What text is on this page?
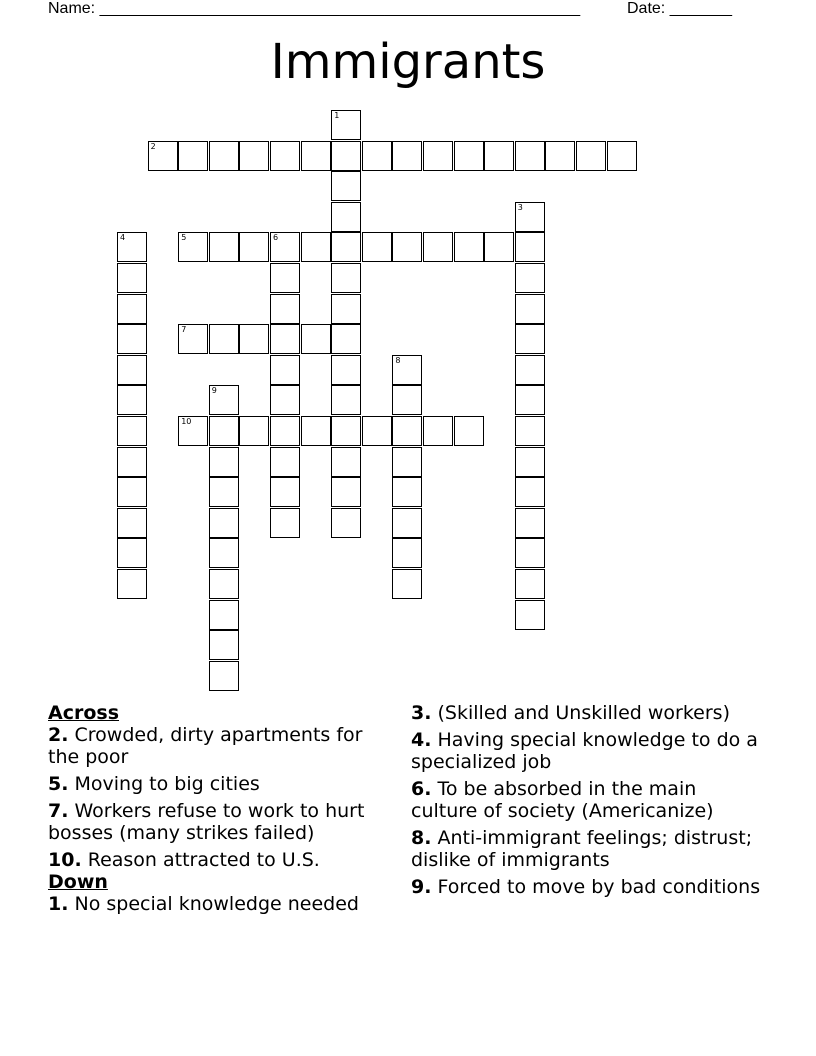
Name: ______________________________________________________	Date: _______
Immigrants
1
2
3
4	5	6
7
8
9
10

Across

2. Crowded, dirty apartments for the poor

5. Moving to big cities

7. Workers refuse to work to hurt bosses (many strikes failed)

10. Reason attracted to U.S.

Down

1. No special knowledge needed

3. (Skilled and Unskilled workers)

4. Having special knowledge to do a specialized job

6. To be absorbed in the main culture of society (Americanize)

8. Anti-immigrant feelings; distrust; dislike of immigrants

9. Forced to move by bad conditions
